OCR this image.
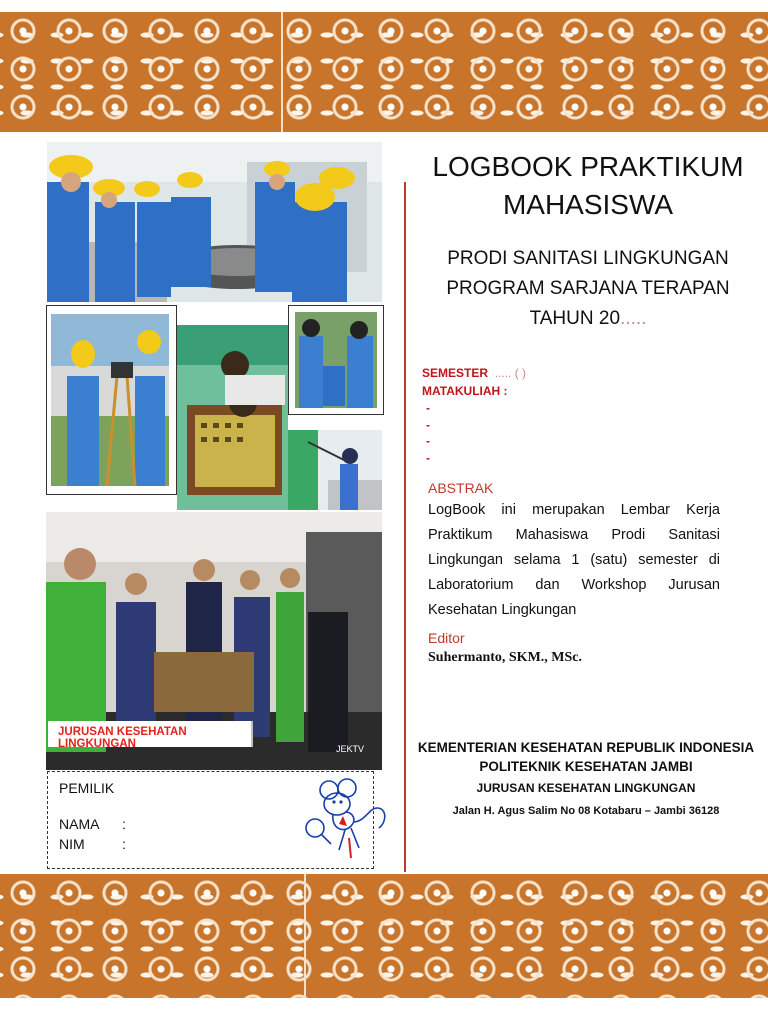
JEKTV
JURUSAN KESEHATAN LINGKUNGAN
LOGBOOK PRAKTIKUM
MAHASISWA
PRODI SANITASI LINGKUNGAN
PROGRAM SARJANA TERAPAN
TAHUN 20.....
SEMESTER ..... ( )
MATAKULIAH :
-
-
-
-
ABSTRAK
LogBook ini merupakan Lembar Kerja Praktikum Mahasiswa Prodi Sanitasi Lingkungan selama 1 (satu) semester di Laboratorium dan Workshop Jurusan Kesehatan Lingkungan
Editor
Suhermanto, SKM., MSc.
KEMENTERIAN KESEHATAN REPUBLIK INDONESIA
POLITEKNIK KESEHATAN JAMBI
JURUSAN KESEHATAN LINGKUNGAN
Jalan H. Agus Salim No 08 Kotabaru – Jambi 36128
PEMILIK
NAMA :
NIM	:
